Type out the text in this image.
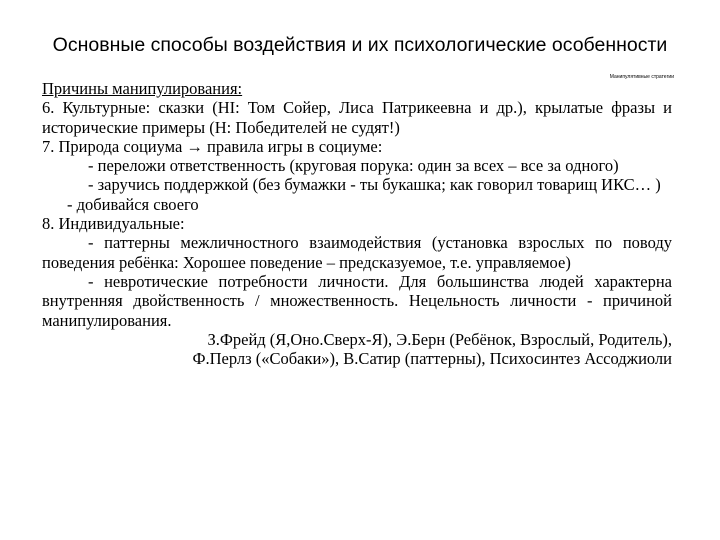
Основные способы воздействия и их психологические особенности
Манипулятивные стратегии

Причины манипулирования:

6. Культурные: сказки (НІ: Том Сойер, Лиса Патрикеевна и др.), крылатые фразы и исторические примеры (Н: Победителей не судят!)

7. Природа социума → правила игры в социуме:

- переложи ответственность (круговая порука: один за всех – все за одного)

- заручись поддержкой (без бумажки - ты букашка; как говорил товарищ ИКС… )

- добивайся своего

8. Индивидуальные:

- паттерны межличностного взаимодействия (установка взрослых по поводу поведения ребёнка: Хорошее поведение – предсказуемое, т.е. управляемое)

- невротические потребности личности. Для большинства людей характерна внутренняя двойственность / множественность. Нецельность личности - причиной манипулирования.

З.Фрейд (Я,Оно.Сверх-Я), Э.Берн (Ребёнок, Взрослый, Родитель),

Ф.Перлз («Собаки»), В.Сатир (паттерны), Психосинтез Ассоджиоли
